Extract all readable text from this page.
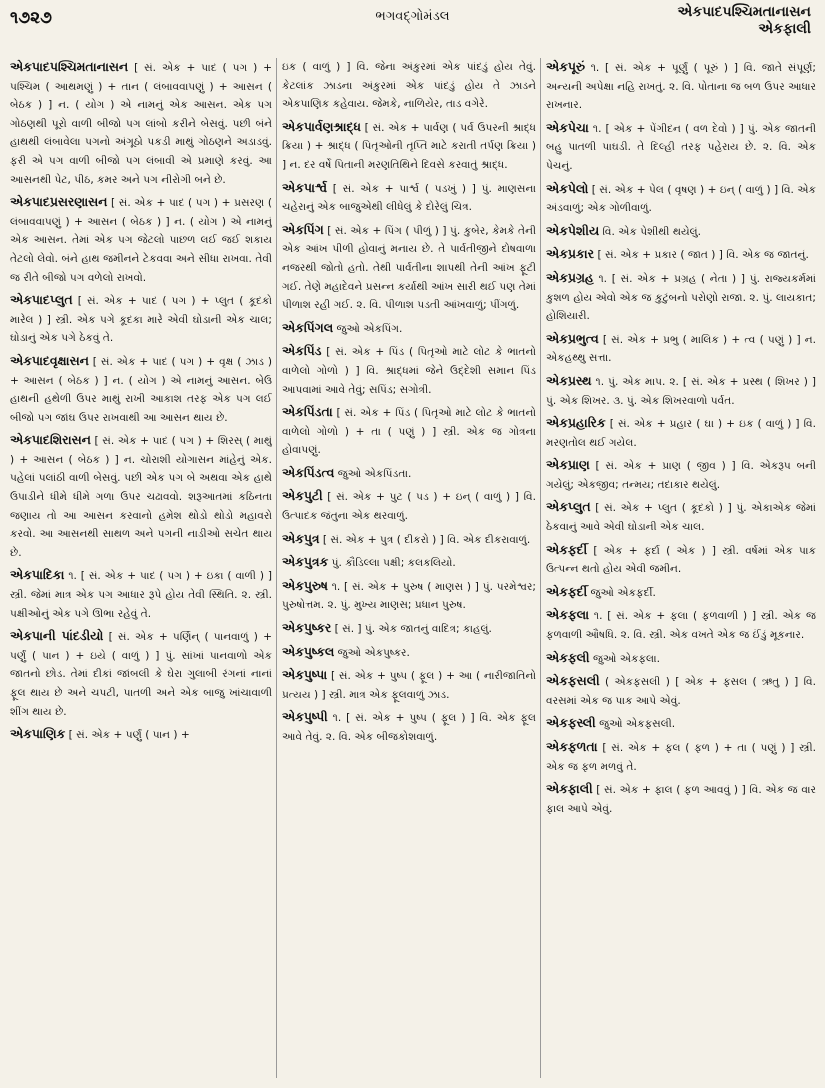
૧૭૨૭	ભગવદ્ગોમંડલ	એકપાદપશ્ચિમતાનાસન
એકફાલી

એકપાદપશ્ચિમતાનાસન [ સં. એક + પાદ ( પગ ) + પશ્ચિમ ( આથમણું ) + તાન ( લંબાવવાપણું ) + આસન ( બેઠક ) ] ન. ( યોગ ) એ નામનું એક આસન. એક પગ ગોઠણથી પૂરો વાળી બીજો પગ લાંબો કરીને બેસવું. પછી બંને હાથથી લંબાવેલા પગનો અંગૂઠો પકડી માથું ગોઠણને અડાડવું. ફરી એ પગ વાળી બીજો પગ લંબાવી એ પ્રમાણે કરવું. આ આસનથી પેટ, પીઠ, કમર અને પગ નીરોગી બને છે.

એકપાદપ્રસરણાસન [ સં. એક + પાદ ( પગ ) + પ્રસરણ ( લંબાવવાપણું ) + આસન ( બેઠક ) ] ન. ( યોગ ) એ નામનું એક આસન. તેમાં એક પગ જેટલો પાછળ લઈ જઈ શકાય તેટલો લેવો. બંને હાથ જમીનને ટેકવવા અને સીધા રાખવા. તેવી જ રીતે બીજો પગ વળેલો રાખવો.

એકપાદપ્લુત [ સં. એક + પાદ ( પગ ) + પ્લુત ( કૂદકો મારેલ ) ] સ્ત્રી. એક પગે કૂદકા મારે એવી ઘોડાની એક ચાલ; ઘોડાનું એક પગે ઠેકવું તે.

એકપાદવૃક્ષાસન [ સં. એક + પાદ ( પગ ) + વૃક્ષ ( ઝાડ ) + આસન ( બેઠક ) ] ન. ( યોગ ) એ નામનું આસન. બેઉ હાથની હથેળી ઉપર માથું રાખી આકાશ તરફ એક પગ લઈ બીજો પગ જાંઘ ઉપર રાખવાથી આ આસન થાય છે.

એકપાદશિરાસન [ સં. એક + પાદ ( પગ ) + શિરસ્ ( માથું ) + આસન ( બેઠક ) ] ન. ચોરાશી યોગાસન માંહેનું એક. પહેલાં પલાંઠી વાળી બેસવું. પછી એક પગ બે અથવા એક હાથે ઉપાડીને ધીમે ધીમે ગળા ઉપર ચઢાવવો. શરૂઆતમાં કઠિનતા જણાય તો આ આસન કરવાનો હમેશ થોડો થોડો મહાવરો કરવો. આ આસનથી સાથળ અને પગની નાડીઓ સચેત થાય છે.

એકપાદિકા ૧. [ સં. એક + પાદ ( પગ ) + ઇકા ( વાળી ) ] સ્ત્રી. જેમાં માત્ર એક પગ આધાર રૂપે હોય તેવી સ્થિતિ. ૨. સ્ત્રી. પક્ષીઓનું એક પગે ઊભા રહેવું તે.

એકપાની પાંદડીયો [ સં. એક + પર્ણિન્ ( પાનવાળું ) + પર્ણું ( પાન ) + ઇયે ( વાળું ) ] પું. સાંખાં પાનવાળો એક જાતનો છોડ. તેમાં દીકાં જાંબલી કે ઘેરા ગુલાબી રંગનાં નાનાં ફૂલ થાય છે અને ચપટી, પાતળી અને એક બાજુ ખાંચાવાળી શીંગ થાય છે.

એકપાણિક [ સં. એક + પર્ણું ( પાન ) +

ઇક ( વાળું ) ] વિ. જેના અંકુરમાં એક પાંદડું હોય તેવું. કેટલાંક ઝાડના અંકુરમાં એક પાંદડું હોય તે ઝાડને એકપાણિક કહેવાય. જેમકે, નાળિયેર, તાડ વગેરે.

એકપાર્વણશ્રાદ્ધ [ સં. એક + પાર્વણ ( પર્વ ઉપરની શ્રાદ્ધ ક્રિયા ) + શ્રાદ્ધ ( પિતૃઓની તૃપ્તિ માટે કરાતી તર્પણ ક્રિયા ) ] ન. દર વર્ષે પિતાની મરણતિથિને દિવસે કરવાતું શ્રાદ્ધ.

એકપાર્શ્વ [ સં. એક + પાર્શ્વ ( પડખું ) ] પું. માણસના ચહેરાનું એક બાજુએથી લીધેલું કે દોરેલું ચિત્ર.

એકપિંગ [ સં. એક + પિંગ ( પીળું ) ] પું. કુબેર, કેમકે તેની એક આંખ પીળી હોવાનું મનાય છે. તે પાર્વતીજીને દોષવાળા નજરથી જોતો હતો. તેથી પાર્વતીના શાપથી તેની આંખ ફૂટી ગઈ. તેણે મહાદેવને પ્રસન્ન કર્યાથી આંખ સારી થઈ પણ તેમાં પીળાશ રહી ગઈ. ૨. વિ. પીળાશ પડતી આંખવાળું; પીંગળું.

એકપિંગલ જુઓ એકપિંગ.

એકપિંડ [ સં. એક + પિંડ ( પિતૃઓ માટે લોટ કે ભાતનો વાળેલો ગોળો ) ] વિ. શ્રાદ્ધમાં જેને ઉદ્દેશી સમાન પિંડ આપવામાં આવે તેવું; સપિંડ; સગોત્રી.

એકપિંડતા [ સં. એક + પિંડ ( પિતૃઓ માટે લોટ કે ભાતનો વાળેલો ગોળો ) + તા ( પણું ) ] સ્ત્રી. એક જ ગોત્રના હોવાપણું.

એકપિંડત્વ જુઓ એકપિંડતા.

એકપુટી [ સં. એક + પુટ ( પડ ) + ઇન્ ( વાળું ) ] વિ. ઉત્પાદક જંતુના એક થરવાળું.

એકપુત્ર [ સં. એક + પુત્ર ( દીકરો ) ] વિ. એક દીકરાવાળું.

એકપુત્રક પું. કૌડિલ્લા પક્ષી; કલકલિયો.

એકપુરુષ ૧. [ સં. એક + પુરુષ ( માણસ ) ] પું. પરમેશ્વર; પુરુષોત્તમ. ૨. પું. મુખ્ય માણસ; પ્રધાન પુરુષ.

એકપુષ્કર [ સં. ] પું. એક જાતનું વાદિત્ર; કાહલું.

એકપુષ્કલ જુઓ એકપુષ્કર.

એકપુષ્પા [ સં. એક + પુષ્પ ( ફૂલ ) + આ ( નારીજાતિનો પ્રત્યય ) ] સ્ત્રી. માત્ર એક ફૂલવાળું ઝાડ.

એકપુષ્પી ૧. [ સં. એક + પુષ્પ ( ફૂલ ) ] વિ. એક ફૂલ આવે તેવું. ૨. વિ. એક બીજકોશવાળું.

એકપૂરું ૧. [ સં. એક + પૂર્ણું ( પૂરું ) ] વિ. જાતે સંપૂર્ણ; અન્યની અપેક્ષા નહિ રાખતું. ૨. વિ. પોતાના જ બળ ઉપર આધાર રાખનાર.

એકપેચા ૧. [ એક + પેંગીદન ( વળ દેવો ) ] પું. એક જાતની બહુ પાતળી પાઘડી. તે દિલ્હી તરફ પહેરાય છે. ૨. વિ. એક પેચનું.

એકપેલો [ સં. એક + પેલ ( વૃષણ ) + ઇન્ ( વાળું ) ] વિ. એક અંડવાળું; એક ગોળીવાળું.

એકપેશીય વિ. એક પેશીથી થયેલું.

એકપ્રકાર [ સં. એક + પ્રકાર ( જાત ) ] વિ. એક જ જાતનું.

એકપ્રગ્રહ ૧. [ સં. એક + પ્રગ્રહ ( નેતા ) ] પું. રાજ્યકર્મમાં કુશળ હોય એવો એક જ કુટુંબનો પરોણો રાજા. ૨. પું. લાયકાત; હોશિયારી.

એકપ્રભુત્વ [ સં. એક + પ્રભુ ( માલિક ) + ત્વ ( પણું ) ] ન. એકહથ્થુ સત્તા.

એકપ્રસ્થ ૧. પું. એક માપ. ૨. [ સં. એક + પ્રસ્થ ( શિખર ) ] પું. એક શિખર. ૩. પું. એક શિખરવાળો પર્વત.

એકપ્રહારિક [ સં. એક + પ્રહાર ( ઘા ) + ઇક ( વાળું ) ] વિ. મરણતોલ થઈ ગયેલ.

એકપ્રાણ [ સં. એક + પ્રાણ ( જીવ ) ] વિ. એકરૂપ બની ગયેલું; એકજીવ; તન્મય; તદાકાર થયેલું.

એકપ્લુત [ સં. એક + પ્લુત ( કૂદકો ) ] પું. એકાએક જેમાં ઠેકવાનું આવે એવી ઘોડાની એક ચાલ.

એકફર્દી [ એક + ફર્દા ( એક ) ] સ્ત્રી. વર્ષમાં એક પાક ઉત્પન્ન થતો હોય એવી જમીન.

એકફર્દી જુઓ એકફર્દી.

એકફલા ૧. [ સં. એક + ફલા ( ફળવાળી ) ] સ્ત્રી. એક જ ફળવાળી ઔષધિ. ૨. વિ. સ્ત્રી. એક વખતે એક જ ઈંડું મૂકનાર.

એકફલી જુઓ એકફલા.

એકફસલી ( એકફસલી ) [ એક + ફસલ ( ઋતુ ) ] વિ. વરસમાં એક જ પાક આપે એવું.

એકફસ્લી જુઓ એકફસલી.

એકફળતા [ સં. એક + ફલ ( ફળ ) + તા ( પણું ) ] સ્ત્રી. એક જ ફળ મળવું તે.

એકફાલી [ સં. એક + ફાલ ( ફળ આવવું ) ] વિ. એક જ વાર ફાલ આપે એવું.
